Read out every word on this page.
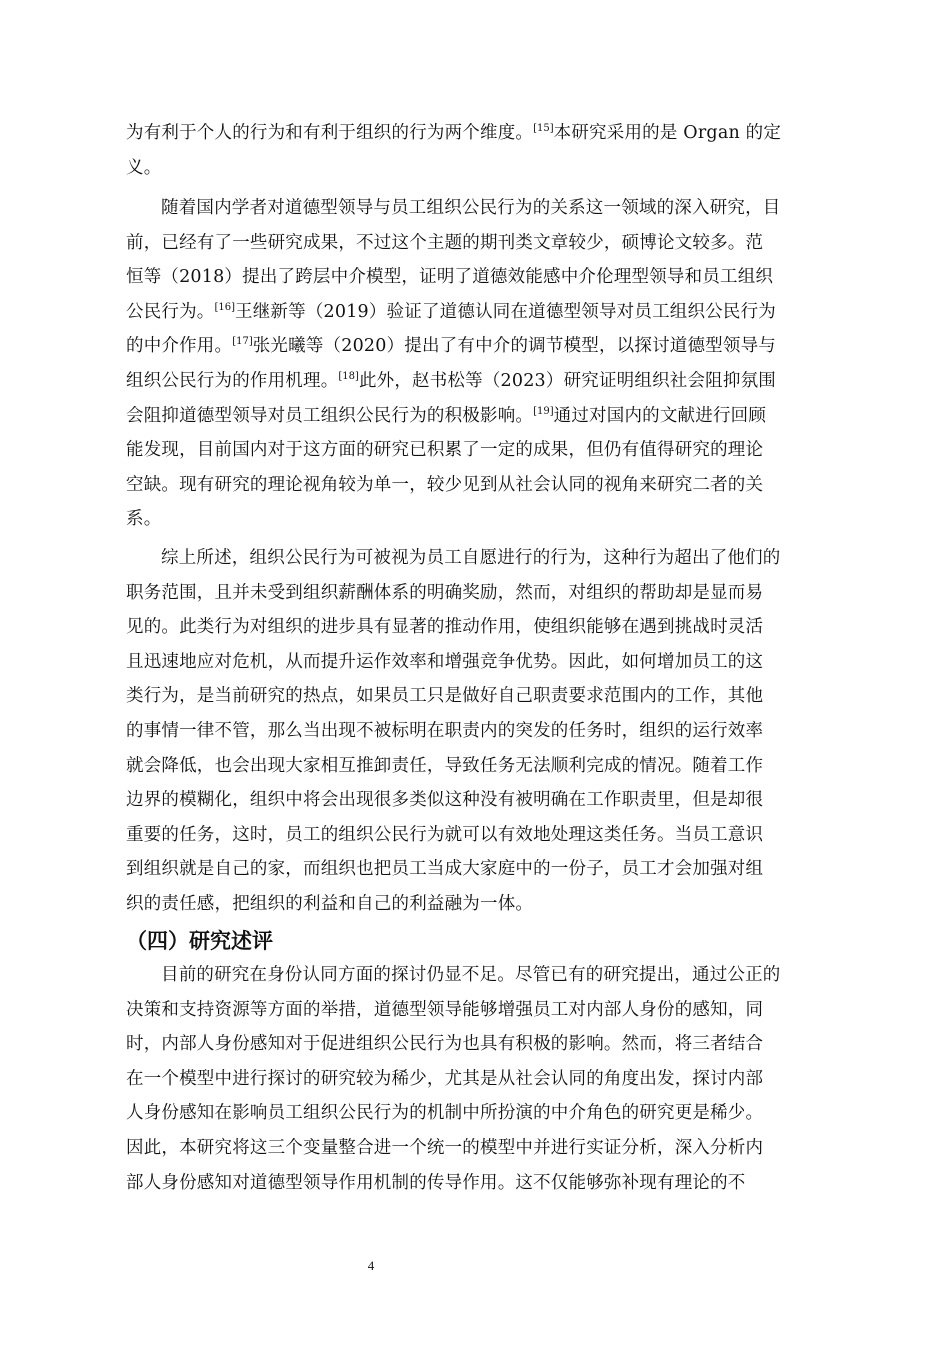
为有利于个人的行为和有利于组织的行为两个维度。[15]本研究采用的是 Organ 的定
义。

随着国内学者对道德型领导与员工组织公民行为的关系这一领域的深入研究，目
前，已经有了一些研究成果，不过这个主题的期刊类文章较少，硕博论文较多。范
恒等（2018）提出了跨层中介模型，证明了道德效能感中介伦理型领导和员工组织
公民行为。[16]王继新等（2019）验证了道德认同在道德型领导对员工组织公民行为
的中介作用。[17]张光曦等（2020）提出了有中介的调节模型，以探讨道德型领导与
组织公民行为的作用机理。[18]此外，赵书松等（2023）研究证明组织社会阻抑氛围
会阻抑道德型领导对员工组织公民行为的积极影响。[19]通过对国内的文献进行回顾
能发现，目前国内对于这方面的研究已积累了一定的成果，但仍有值得研究的理论
空缺。现有研究的理论视角较为单一，较少见到从社会认同的视角来研究二者的关
系。

综上所述，组织公民行为可被视为员工自愿进行的行为，这种行为超出了他们的
职务范围，且并未受到组织薪酬体系的明确奖励，然而，对组织的帮助却是显而易
见的。此类行为对组织的进步具有显著的推动作用，使组织能够在遇到挑战时灵活
且迅速地应对危机，从而提升运作效率和增强竞争优势。因此，如何增加员工的这
类行为，是当前研究的热点，如果员工只是做好自己职责要求范围内的工作，其他
的事情一律不管，那么当出现不被标明在职责内的突发的任务时，组织的运行效率
就会降低，也会出现大家相互推卸责任，导致任务无法顺利完成的情况。随着工作
边界的模糊化，组织中将会出现很多类似这种没有被明确在工作职责里，但是却很
重要的任务，这时，员工的组织公民行为就可以有效地处理这类任务。当员工意识
到组织就是自己的家，而组织也把员工当成大家庭中的一份子，员工才会加强对组
织的责任感，把组织的利益和自己的利益融为一体。

（四）研究述评

目前的研究在身份认同方面的探讨仍显不足。尽管已有的研究提出，通过公正的
决策和支持资源等方面的举措，道德型领导能够增强员工对内部人身份的感知，同
时，内部人身份感知对于促进组织公民行为也具有积极的影响。然而，将三者结合
在一个模型中进行探讨的研究较为稀少，尤其是从社会认同的角度出发，探讨内部
人身份感知在影响员工组织公民行为的机制中所扮演的中介角色的研究更是稀少。
因此，本研究将这三个变量整合进一个统一的模型中并进行实证分析，深入分析内
部人身份感知对道德型领导作用机制的传导作用。这不仅能够弥补现有理论的不

4
